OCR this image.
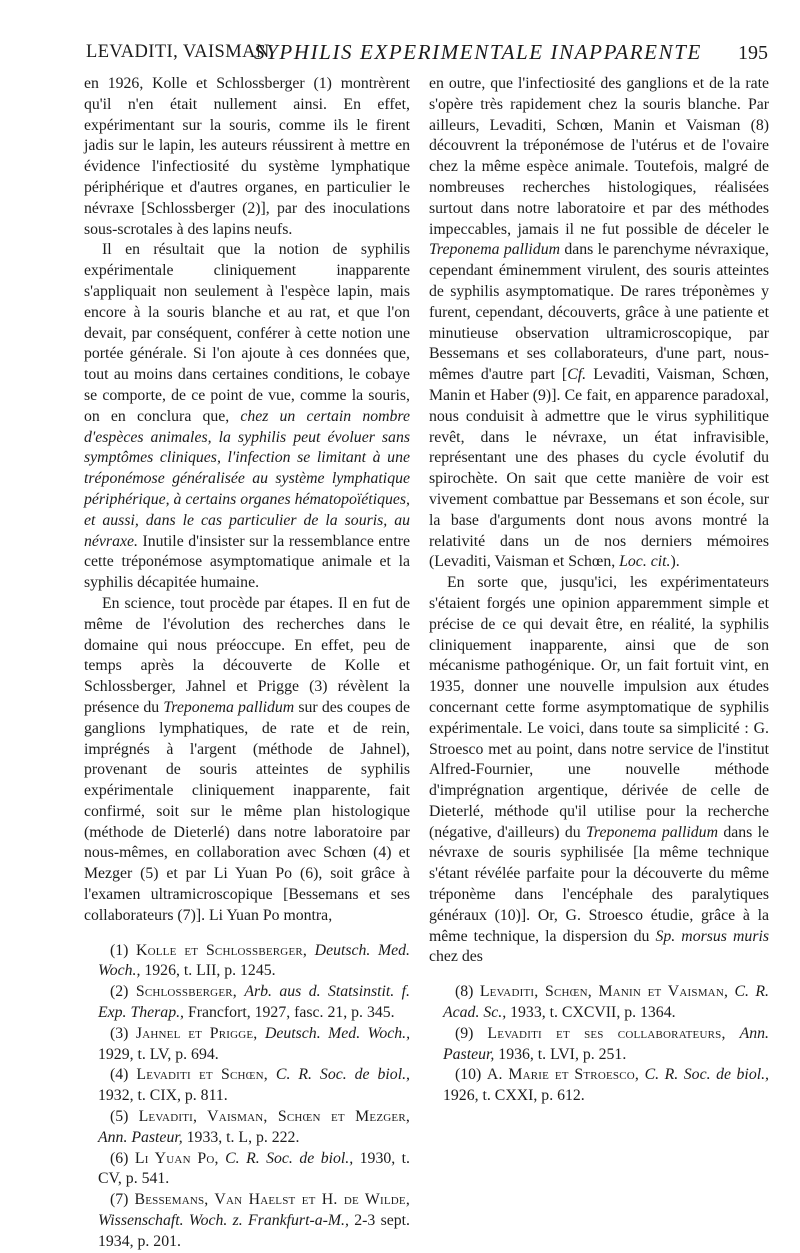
LEVADITI, VAISMAN.
SYPHILIS EXPERIMENTALE INAPPARENTE 195

en 1926, Kolle et Schlossberger (1) montrèrent qu'il n'en était nullement ainsi. En effet, expérimentant sur la souris, comme ils le firent jadis sur le lapin, les auteurs réussirent à mettre en évidence l'infectiosité du système lymphatique périphérique et d'autres organes, en particulier le névraxe [Schlossberger (2)], par des inoculations sous-scrotales à des lapins neufs.

Il en résultait que la notion de syphilis expérimentale cliniquement inapparente s'appliquait non seulement à l'espèce lapin, mais encore à la souris blanche et au rat, et que l'on devait, par conséquent, conférer à cette notion une portée générale. Si l'on ajoute à ces données que, tout au moins dans certaines conditions, le cobaye se comporte, de ce point de vue, comme la souris, on en conclura que, chez un certain nombre d'espèces animales, la syphilis peut évoluer sans symptômes cliniques, l'infection se limitant à une tréponémose généralisée au système lymphatique périphérique, à certains organes hématopoïétiques, et aussi, dans le cas particulier de la souris, au névraxe. Inutile d'insister sur la ressemblance entre cette tréponémose asymptomatique animale et la syphilis décapitée humaine.

En science, tout procède par étapes. Il en fut de même de l'évolution des recherches dans le domaine qui nous préoccupe. En effet, peu de temps après la découverte de Kolle et Schlossberger, Jahnel et Prigge (3) révèlent la présence du Treponema pallidum sur des coupes de ganglions lymphatiques, de rate et de rein, imprégnés à l'argent (méthode de Jahnel), provenant de souris atteintes de syphilis expérimentale cliniquement inapparente, fait confirmé, soit sur le même plan histologique (méthode de Dieterlé) dans notre laboratoire par nous-mêmes, en collaboration avec Schœn (4) et Mezger (5) et par Li Yuan Po (6), soit grâce à l'examen ultramicroscopique [Bessemans et ses collaborateurs (7)]. Li Yuan Po montra,

(1) Kolle et Schlossberger, Deutsch. Med. Woch., 1926, t. LII, p. 1245.

(2) Schlossberger, Arb. aus d. Statsinstit. f. Exp. Therap., Francfort, 1927, fasc. 21, p. 345.

(3) Jahnel et Prigge, Deutsch. Med. Woch., 1929, t. LV, p. 694.

(4) Levaditi et Schœn, C. R. Soc. de biol., 1932, t. CIX, p. 811.

(5) Levaditi, Vaisman, Schœn et Mezger, Ann. Pasteur, 1933, t. L, p. 222.

(6) Li Yuan Po, C. R. Soc. de biol., 1930, t. CV, p. 541.

(7) Bessemans, Van Haelst et H. de Wilde, Wissenschaft. Woch. z. Frankfurt-a-M., 2-3 sept. 1934, p. 201.

en outre, que l'infectiosité des ganglions et de la rate s'opère très rapidement chez la souris blanche. Par ailleurs, Levaditi, Schœn, Manin et Vaisman (8) découvrent la tréponémose de l'utérus et de l'ovaire chez la même espèce animale. Toutefois, malgré de nombreuses recherches histologiques, réalisées surtout dans notre laboratoire et par des méthodes impeccables, jamais il ne fut possible de déceler le Treponema pallidum dans le parenchyme névraxique, cependant éminemment virulent, des souris atteintes de syphilis asymptomatique. De rares tréponèmes y furent, cependant, découverts, grâce à une patiente et minutieuse observation ultramicroscopique, par Bessemans et ses collaborateurs, d'une part, nous-mêmes d'autre part [Cf. Levaditi, Vaisman, Schœn, Manin et Haber (9)]. Ce fait, en apparence paradoxal, nous conduisit à admettre que le virus syphilitique revêt, dans le névraxe, un état infravisible, représentant une des phases du cycle évolutif du spirochète. On sait que cette manière de voir est vivement combattue par Bessemans et son école, sur la base d'arguments dont nous avons montré la relativité dans un de nos derniers mémoires (Levaditi, Vaisman et Schœn, Loc. cit.).

En sorte que, jusqu'ici, les expérimentateurs s'étaient forgés une opinion apparemment simple et précise de ce qui devait être, en réalité, la syphilis cliniquement inapparente, ainsi que de son mécanisme pathogénique. Or, un fait fortuit vint, en 1935, donner une nouvelle impulsion aux études concernant cette forme asymptomatique de syphilis expérimentale. Le voici, dans toute sa simplicité : G. Stroesco met au point, dans notre service de l'institut Alfred-Fournier, une nouvelle méthode d'imprégnation argentique, dérivée de celle de Dieterlé, méthode qu'il utilise pour la recherche (négative, d'ailleurs) du Treponema pallidum dans le névraxe de souris syphilisée [la même technique s'étant révélée parfaite pour la découverte du même tréponème dans l'encéphale des paralytiques généraux (10)]. Or, G. Stroesco étudie, grâce à la même technique, la dispersion du Sp. morsus muris chez des

(8) Levaditi, Schœn, Manin et Vaisman, C. R. Acad. Sc., 1933, t. CXCVII, p. 1364.

(9) Levaditi et ses collaborateurs, Ann. Pasteur, 1936, t. LVI, p. 251.

(10) A. Marie et Stroesco, C. R. Soc. de biol., 1926, t. CXXI, p. 612.
